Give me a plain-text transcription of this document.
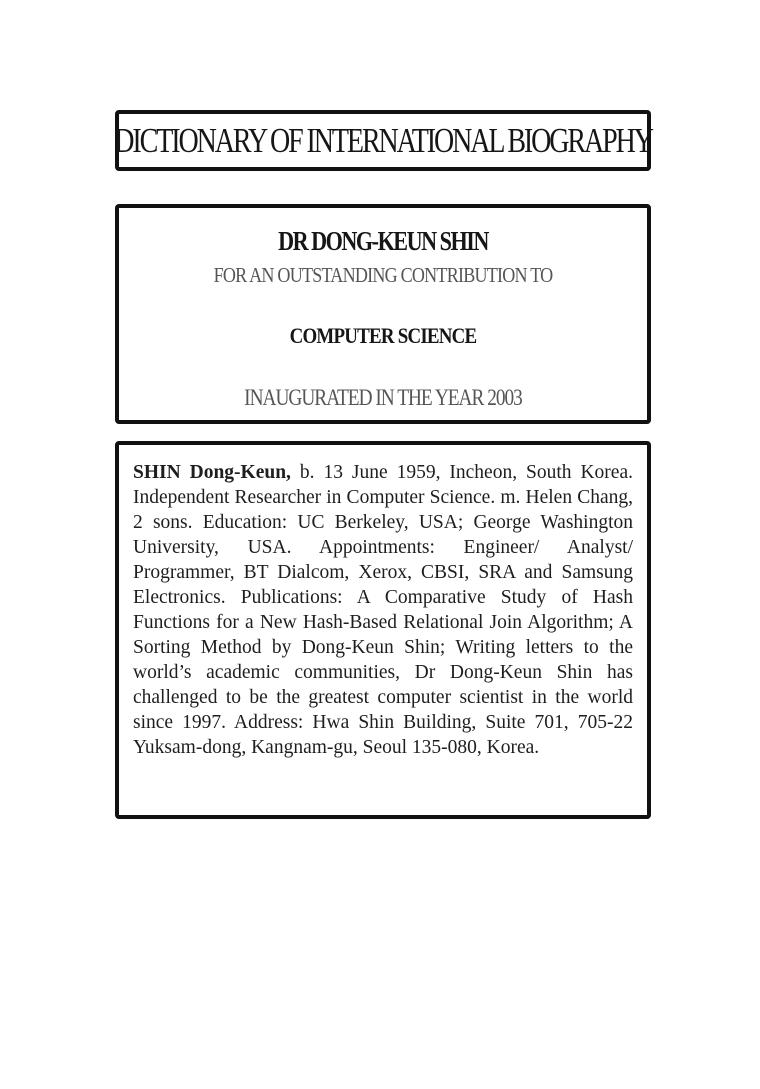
DICTIONARY OF INTERNATIONAL BIOGRAPHY
DR DONG-KEUN SHIN
FOR AN OUTSTANDING CONTRIBUTION TO
COMPUTER SCIENCE
INAUGURATED IN THE YEAR 2003

SHIN Dong-Keun, b. 13 June 1959, Incheon, South Korea. Independent Researcher in Computer Science. m. Helen Chang, 2 sons. Education: UC Berkeley, USA; George Washington University, USA. Appointments: Engineer/ Analyst/ Programmer, BT Dialcom, Xerox, CBSI, SRA and Samsung Electronics. Publications: A Comparative Study of Hash Functions for a New Hash-Based Relational Join Algorithm; A Sorting Method by Dong-Keun Shin; Writing letters to the world’s academic communities, Dr Dong-Keun Shin has challenged to be the greatest computer scientist in the world since 1997. Address: Hwa Shin Building, Suite 701, 705-22 Yuksam-dong, Kangnam-gu, Seoul 135-080, Korea.
